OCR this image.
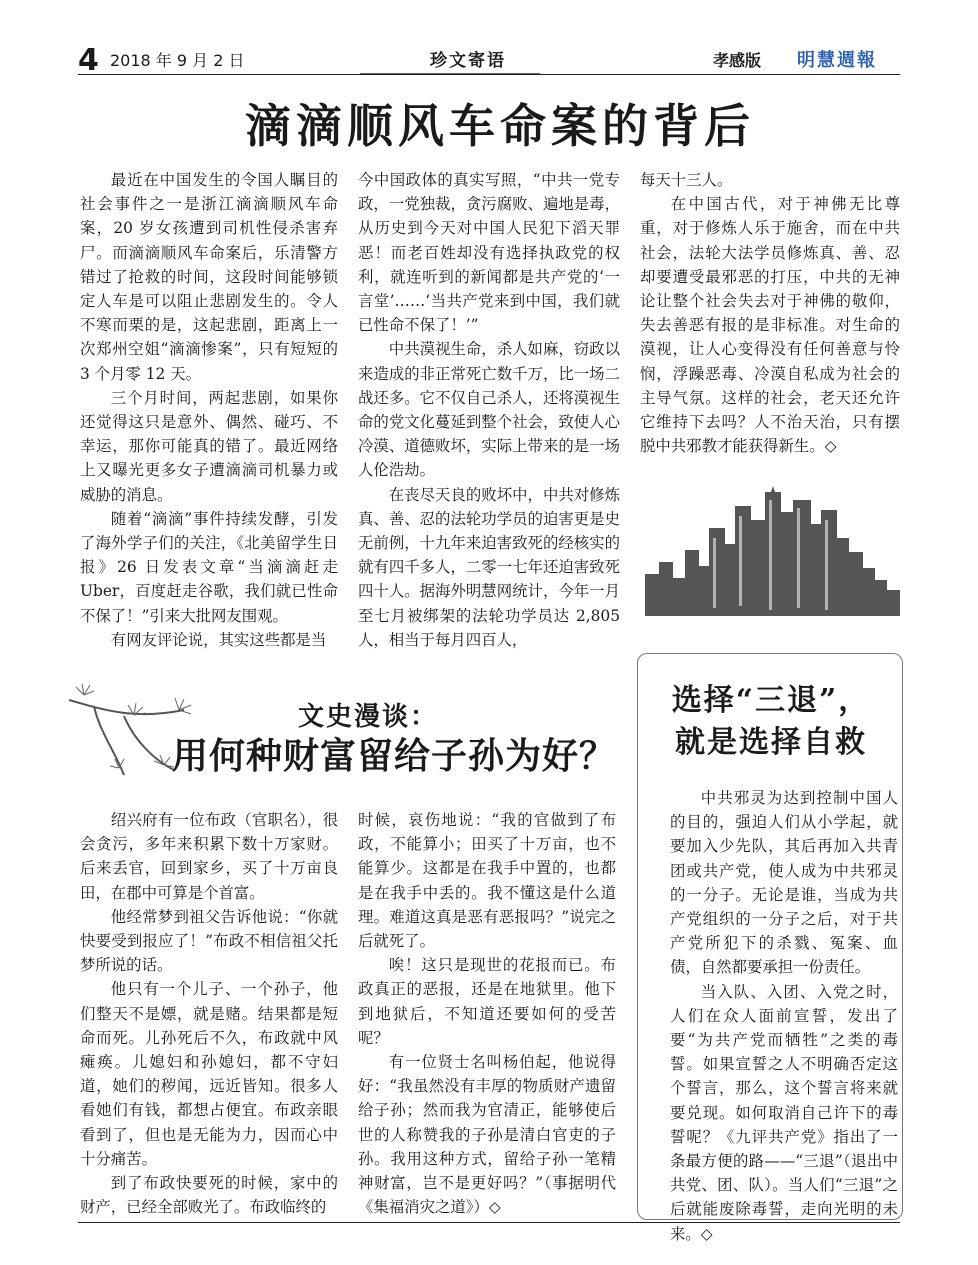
4 2018 年 9 月 2 日	珍文寄语	孝感版 明慧週報
滴滴顺风车命案的背后

最近在中国发生的令国人瞩目的社会事件之一是浙江滴滴顺风车命案，20 岁女孩遭到司机性侵杀害弃尸。而滴滴顺风车命案后，乐清警方错过了抢救的时间，这段时间能够锁定人车是可以阻止悲剧发生的。令人不寒而栗的是，这起悲剧，距离上一次郑州空姐“滴滴惨案”，只有短短的 3 个月零 12 天。

三个月时间，两起悲剧，如果你还觉得这只是意外、偶然、碰巧、不幸运，那你可能真的错了。最近网络上又曝光更多女子遭滴滴司机暴力或威胁的消息。

随着“滴滴”事件持续发酵，引发了海外学子们的关注，《北美留学生日报》26 日发表文章“当滴滴赶走 Uber，百度赶走谷歌，我们就已性命不保了！”引来大批网友围观。

有网友评论说，其实这些都是当

今中国政体的真实写照，“中共一党专政，一党独裁，贪污腐败、遍地是毒，从历史到今天对中国人民犯下滔天罪恶！而老百姓却没有选择执政党的权利，就连听到的新闻都是共产党的‘一言堂’……‘当共产党来到中国，我们就已性命不保了！’”

中共漠视生命，杀人如麻，窃政以来造成的非正常死亡数千万，比一场二战还多。它不仅自己杀人，还将漠视生命的党文化蔓延到整个社会，致使人心冷漠、道德败坏，实际上带来的是一场人伦浩劫。

在丧尽天良的败坏中，中共对修炼真、善、忍的法轮功学员的迫害更是史无前例，十九年来迫害致死的经核实的就有四千多人，二零一七年还迫害致死四十人。据海外明慧网统计，今年一月至七月被绑架的法轮功学员达 2,805 人，相当于每月四百人，

每天十三人。

在中国古代，对于神佛无比尊重，对于修炼人乐于施舍，而在中共社会，法轮大法学员修炼真、善、忍却要遭受最邪恶的打压，中共的无神论让整个社会失去对于神佛的敬仰，失去善恶有报的是非标准。对生命的漠视，让人心变得没有任何善意与怜悯，浮躁恶毒、冷漠自私成为社会的主导气氛。这样的社会，老天还允许它维持下去吗？人不治天治，只有摆脱中共邪教才能获得新生。◇

文史漫谈：
用何种财富留给子孙为好？

绍兴府有一位布政（官职名），很会贪污，多年来积累下数十万家财。后来丢官，回到家乡，买了十万亩良田，在郡中可算是个首富。

他经常梦到祖父告诉他说：“你就快要受到报应了！”布政不相信祖父托梦所说的话。

他只有一个儿子、一个孙子，他们整天不是嫖，就是赌。结果都是短命而死。儿孙死后不久，布政就中风瘫痪。儿媳妇和孙媳妇，都不守妇道，她们的秽闻，远近皆知。很多人看她们有钱，都想占便宜。布政亲眼看到了，但也是无能为力，因而心中十分痛苦。

到了布政快要死的时候，家中的财产，已经全部败光了。布政临终的

时候，哀伤地说：“我的官做到了布政，不能算小；田买了十万亩，也不能算少。这都是在我手中置的，也都是在我手中丢的。我不懂这是什么道理。难道这真是恶有恶报吗？”说完之后就死了。

唉！这只是现世的花报而已。布政真正的恶报，还是在地狱里。他下到地狱后，不知道还要如何的受苦呢？

有一位贤士名叫杨伯起，他说得好：“我虽然没有丰厚的物质财产遗留给子孙；然而我为官清正，能够使后世的人称赞我的子孙是清白官吏的子孙。我用这种方式，留给子孙一笔精神财富，岂不是更好吗？”（事据明代《集福消灾之道》）◇

选择“三退”，
就是选择自救

中共邪灵为达到控制中国人的目的，强迫人们从小学起，就要加入少先队，其后再加入共青团或共产党，使人成为中共邪灵的一分子。无论是谁，当成为共产党组织的一分子之后，对于共产党所犯下的杀戮、冤案、血债，自然都要承担一份责任。

当入队、入团、入党之时，人们在众人面前宣誓，发出了要“为共产党而牺牲”之类的毒誓。如果宣誓之人不明确否定这个誓言，那么，这个誓言将来就要兑现。如何取消自己许下的毒誓呢？《九评共产党》指出了一条最方便的路——“三退”（退出中共党、团、队）。当人们“三退”之后就能废除毒誓，走向光明的未来。◇
